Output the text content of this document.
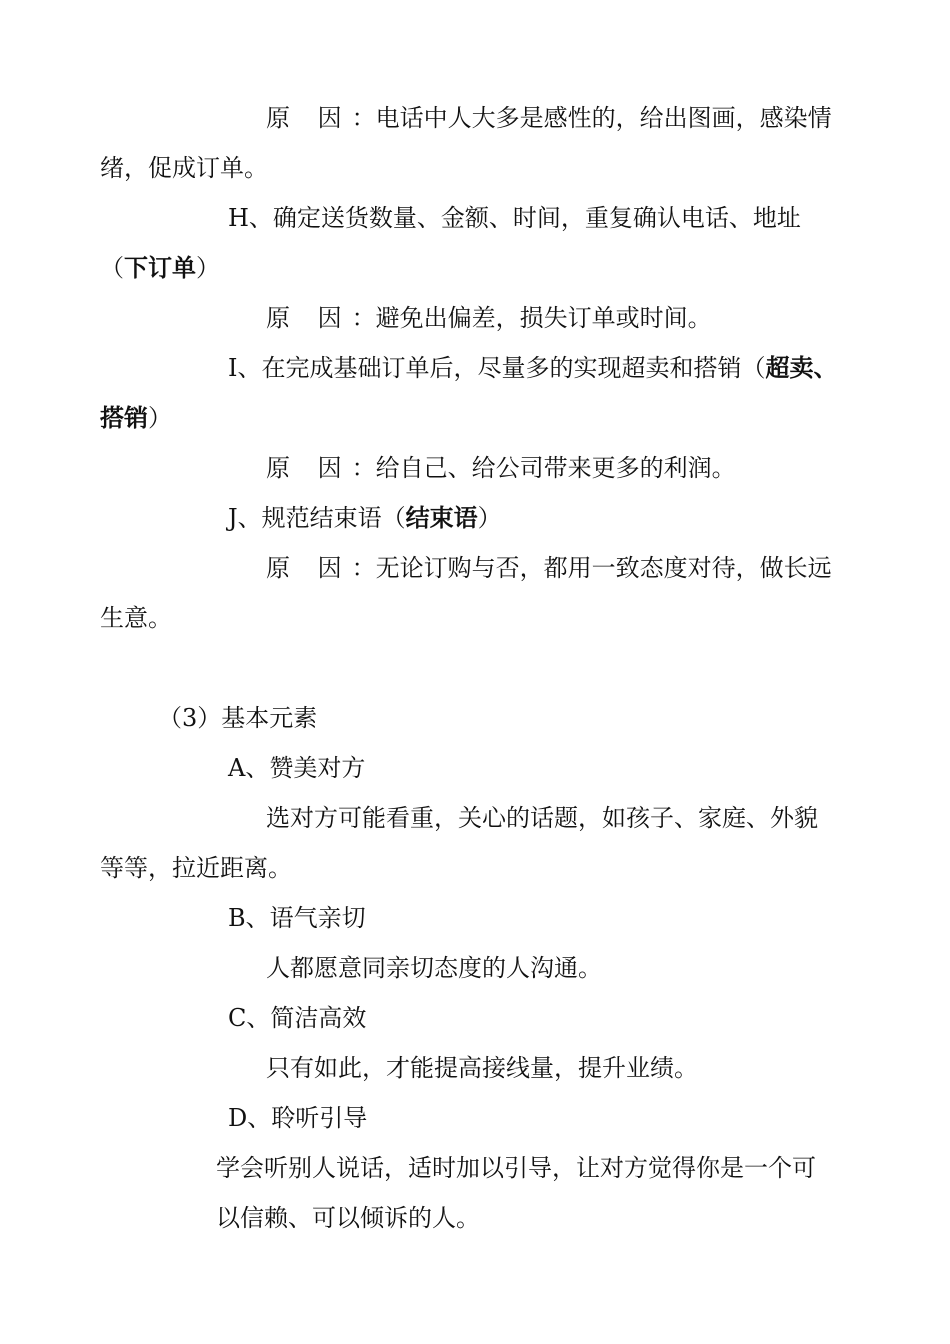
原 因：电话中人大多是感性的，给出图画，感染情
绪，促成订单。
H、确定送货数量、金额、时间，重复确认电话、地址
（下订单）
原 因：避免出偏差，损失订单或时间。
I、在完成基础订单后，尽量多的实现超卖和搭销（超卖、
搭销）
原 因：给自己、给公司带来更多的利润。
J、规范结束语（结束语）
原 因：无论订购与否，都用一致态度对待，做长远
生意。
（3）基本元素
A、赞美对方
选对方可能看重，关心的话题，如孩子、家庭、外貌
等等，拉近距离。
B、语气亲切
人都愿意同亲切态度的人沟通。
C、简洁高效
只有如此，才能提高接线量，提升业绩。
D、聆听引导
学会听别人说话，适时加以引导，让对方觉得你是一个可
以信赖、可以倾诉的人。
